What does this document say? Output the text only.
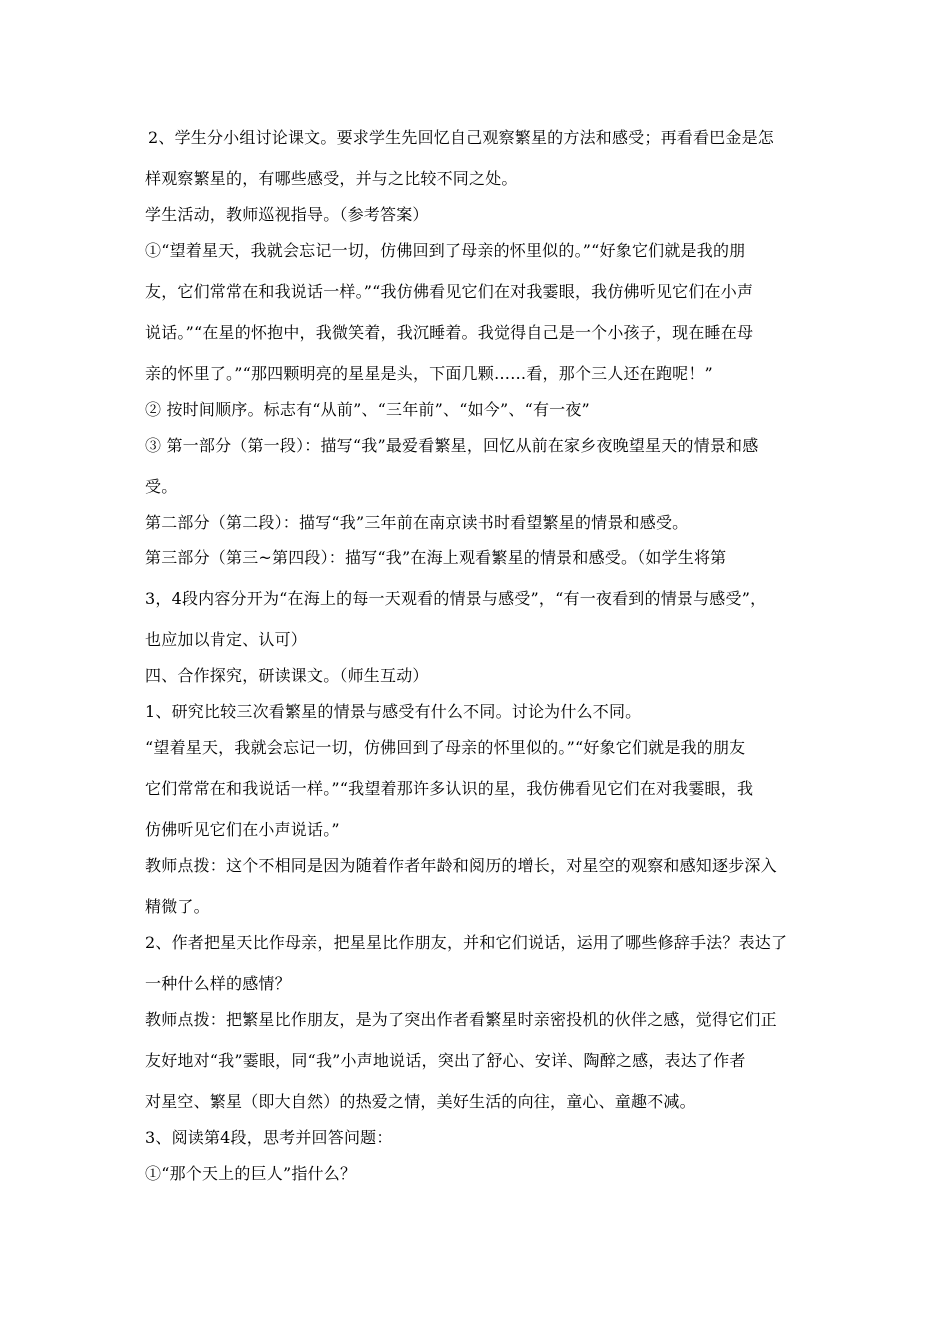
2、学生分小组讨论课文。要求学生先回忆自己观察繁星的方法和感受；再看看巴金是怎
样观察繁星的，有哪些感受，并与之比较不同之处。
学生活动，教师巡视指导。（参考答案）
①“望着星天，我就会忘记一切，仿佛回到了母亲的怀里似的。”“好象它们就是我的朋
友，它们常常在和我说话一样。”“我仿佛看见它们在对我霎眼，我仿佛听见它们在小声
说话。”“在星的怀抱中，我微笑着，我沉睡着。我觉得自己是一个小孩子，现在睡在母
亲的怀里了。”“那四颗明亮的星星是头，下面几颗……看，那个三人还在跑呢！”
② 按时间顺序。标志有“从前”、“三年前”、“如今”、“有一夜”
③ 第一部分（第一段）：描写“我”最爱看繁星，回忆从前在家乡夜晚望星天的情景和感
受。
第二部分（第二段）：描写“我”三年前在南京读书时看望繁星的情景和感受。
第三部分（第三~第四段）：描写“我”在海上观看繁星的情景和感受。（如学生将第
3，4段内容分开为“在海上的每一天观看的情景与感受”，“有一夜看到的情景与感受”，
也应加以肯定、认可）
四、合作探究，研读课文。（师生互动）
1、研究比较三次看繁星的情景与感受有什么不同。讨论为什么不同。
“望着星天，我就会忘记一切，仿佛回到了母亲的怀里似的。”“好象它们就是我的朋友
它们常常在和我说话一样。”“我望着那许多认识的星，我仿佛看见它们在对我霎眼，我
仿佛听见它们在小声说话。”
教师点拨：这个不相同是因为随着作者年龄和阅历的增长，对星空的观察和感知逐步深入
精微了。
2、作者把星天比作母亲，把星星比作朋友，并和它们说话，运用了哪些修辞手法？表达了
一种什么样的感情？
教师点拨：把繁星比作朋友，是为了突出作者看繁星时亲密投机的伙伴之感，觉得它们正
友好地对“我”霎眼，同“我”小声地说话，突出了舒心、安详、陶醉之感，表达了作者
对星空、繁星（即大自然）的热爱之情，美好生活的向往，童心、童趣不减。
3、阅读第4段，思考并回答问题：
①“那个天上的巨人”指什么？
